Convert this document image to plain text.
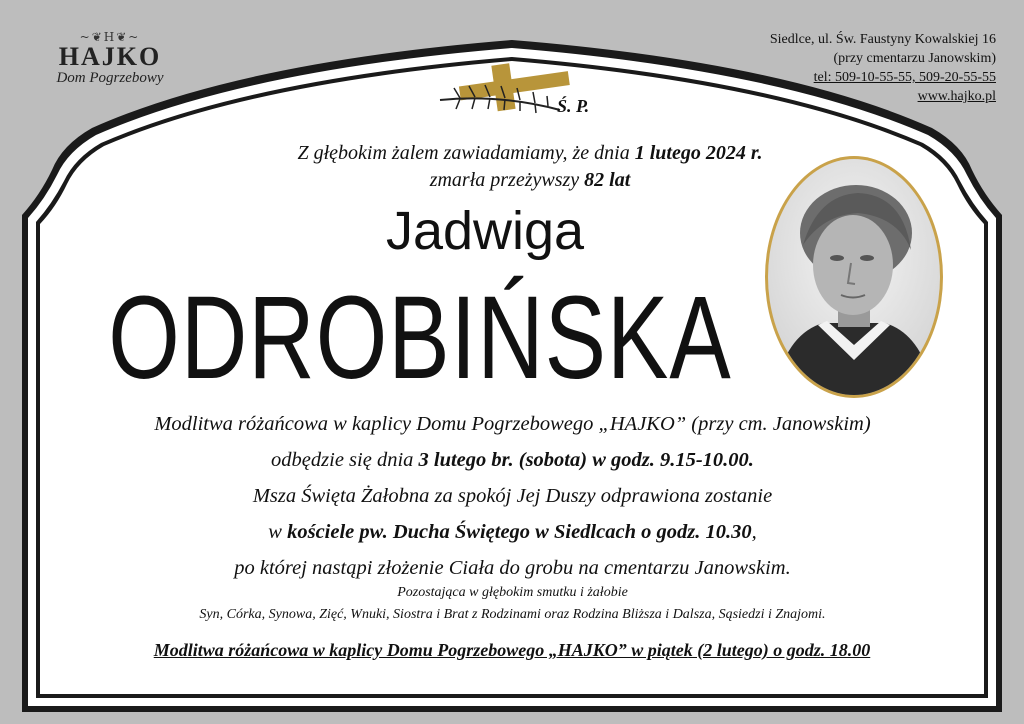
~❦H❦~
HAJKO
Dom Pogrzebowy
Siedlce, ul. Św. Faustyny Kowalskiej 16
(przy cmentarzu Janowskim)
tel: 509-10-55-55, 509-20-55-55
www.hajko.pl
Ś. P.
Z głębokim żalem zawiadamiamy, że dnia 1 lutego 2024 r.
zmarła przeżywszy 82 lat
Jadwiga
ODROBIŃSKA
Modlitwa różańcowa w kaplicy Domu Pogrzebowego „HAJKO” (przy cm. Janowskim)
odbędzie się dnia 3 lutego br. (sobota) w godz. 9.15-10.00.
Msza Święta Żałobna za spokój Jej Duszy odprawiona zostanie
w kościele pw. Ducha Świętego w Siedlcach o godz. 10.30,
po której nastąpi złożenie Ciała do grobu na cmentarzu Janowskim.
Pozostająca w głębokim smutku i żałobie
Syn, Córka, Synowa, Zięć, Wnuki, Siostra i Brat z Rodzinami oraz Rodzina Bliższa i Dalsza, Sąsiedzi i Znajomi.
Modlitwa różańcowa w kaplicy Domu Pogrzebowego „HAJKO” w piątek (2 lutego) o godz. 18.00
